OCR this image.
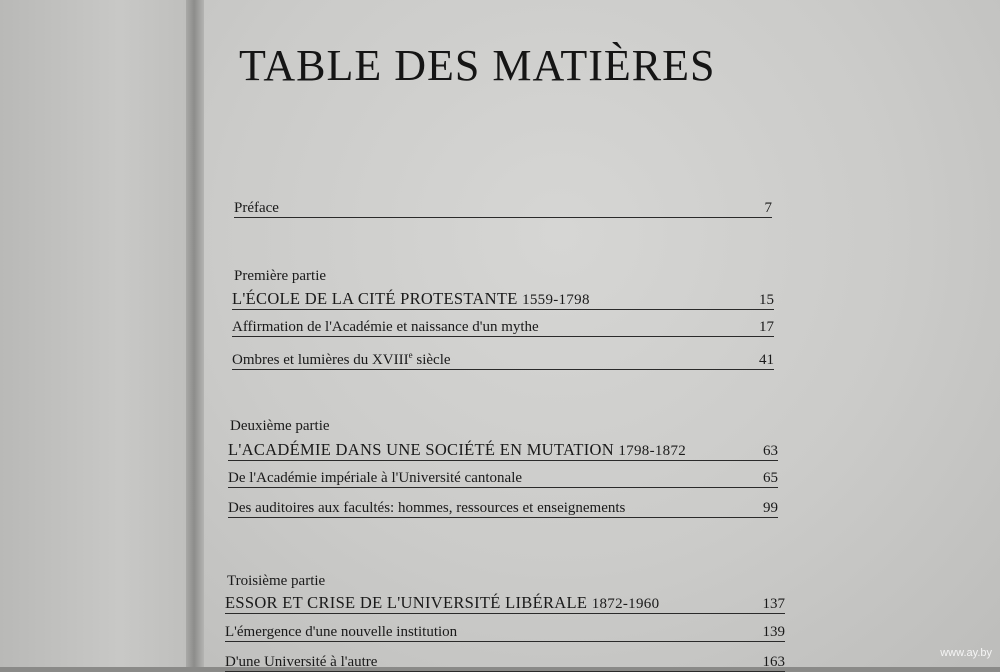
TABLE DES MATIÈRES
Préface	7
Première partie
L'ÉCOLE DE LA CITÉ PROTESTANTE 1559-1798	15
Affirmation de l'Académie et naissance d'un mythe	17
Ombres et lumières du XVIIIe siècle	41
Deuxième partie
L'ACADÉMIE DANS UNE SOCIÉTÉ EN MUTATION 1798-1872	63
De l'Académie impériale à l'Université cantonale	65
Des auditoires aux facultés: hommes, ressources et enseignements	99
Troisième partie
ESSOR ET CRISE DE L'UNIVERSITÉ LIBÉRALE 1872-1960	137
L'émergence d'une nouvelle institution	139
D'une Université à l'autre	163
www.ay.by
